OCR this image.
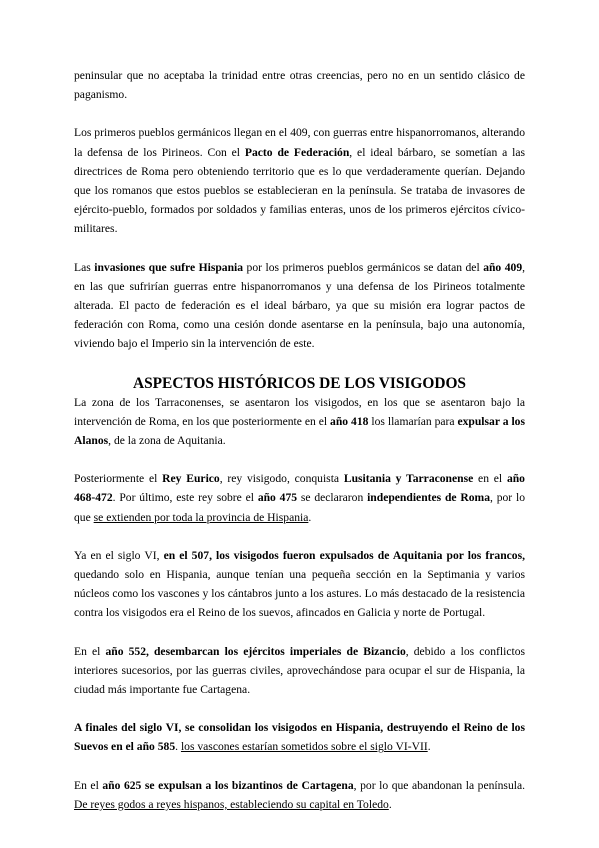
peninsular que no aceptaba la trinidad entre otras creencias, pero no en un sentido clásico de paganismo.

Los primeros pueblos germánicos llegan en el 409, con guerras entre hispanorromanos, alterando la defensa de los Pirineos. Con el Pacto de Federación, el ideal bárbaro, se sometían a las directrices de Roma pero obteniendo territorio que es lo que verdaderamente querían. Dejando que los romanos que estos pueblos se establecieran en la península. Se trataba de invasores de ejército-pueblo, formados por soldados y familias enteras, unos de los primeros ejércitos cívico-militares.

Las invasiones que sufre Hispania por los primeros pueblos germánicos se datan del año 409, en las que sufrirían guerras entre hispanorromanos y una defensa de los Pirineos totalmente alterada. El pacto de federación es el ideal bárbaro, ya que su misión era lograr pactos de federación con Roma, como una cesión donde asentarse en la península, bajo una autonomía, viviendo bajo el Imperio sin la intervención de este.

ASPECTOS HISTÓRICOS DE LOS VISIGODOS

La zona de los Tarraconenses, se asentaron los visigodos, en los que se asentaron bajo la intervención de Roma, en los que posteriormente en el año 418 los llamarían para expulsar a los Alanos, de la zona de Aquitania.

Posteriormente el Rey Eurico, rey visigodo, conquista Lusitania y Tarraconense en el año 468-472. Por último, este rey sobre el año 475 se declararon independientes de Roma, por lo que se extienden por toda la provincia de Hispania.

Ya en el siglo VI, en el 507, los visigodos fueron expulsados de Aquitania por los francos, quedando solo en Hispania, aunque tenían una pequeña sección en la Septimania y varios núcleos como los vascones y los cántabros junto a los astures. Lo más destacado de la resistencia contra los visigodos era el Reino de los suevos, afincados en Galicia y norte de Portugal.

En el año 552, desembarcan los ejércitos imperiales de Bizancio, debido a los conflictos interiores sucesorios, por las guerras civiles, aprovechándose para ocupar el sur de Hispania, la ciudad más importante fue Cartagena.

A finales del siglo VI, se consolidan los visigodos en Hispania, destruyendo el Reino de los Suevos en el año 585. los vascones estarían sometidos sobre el siglo VI-VII.

En el año 625 se expulsan a los bizantinos de Cartagena, por lo que abandonan la península. De reyes godos a reyes hispanos, estableciendo su capital en Toledo.
